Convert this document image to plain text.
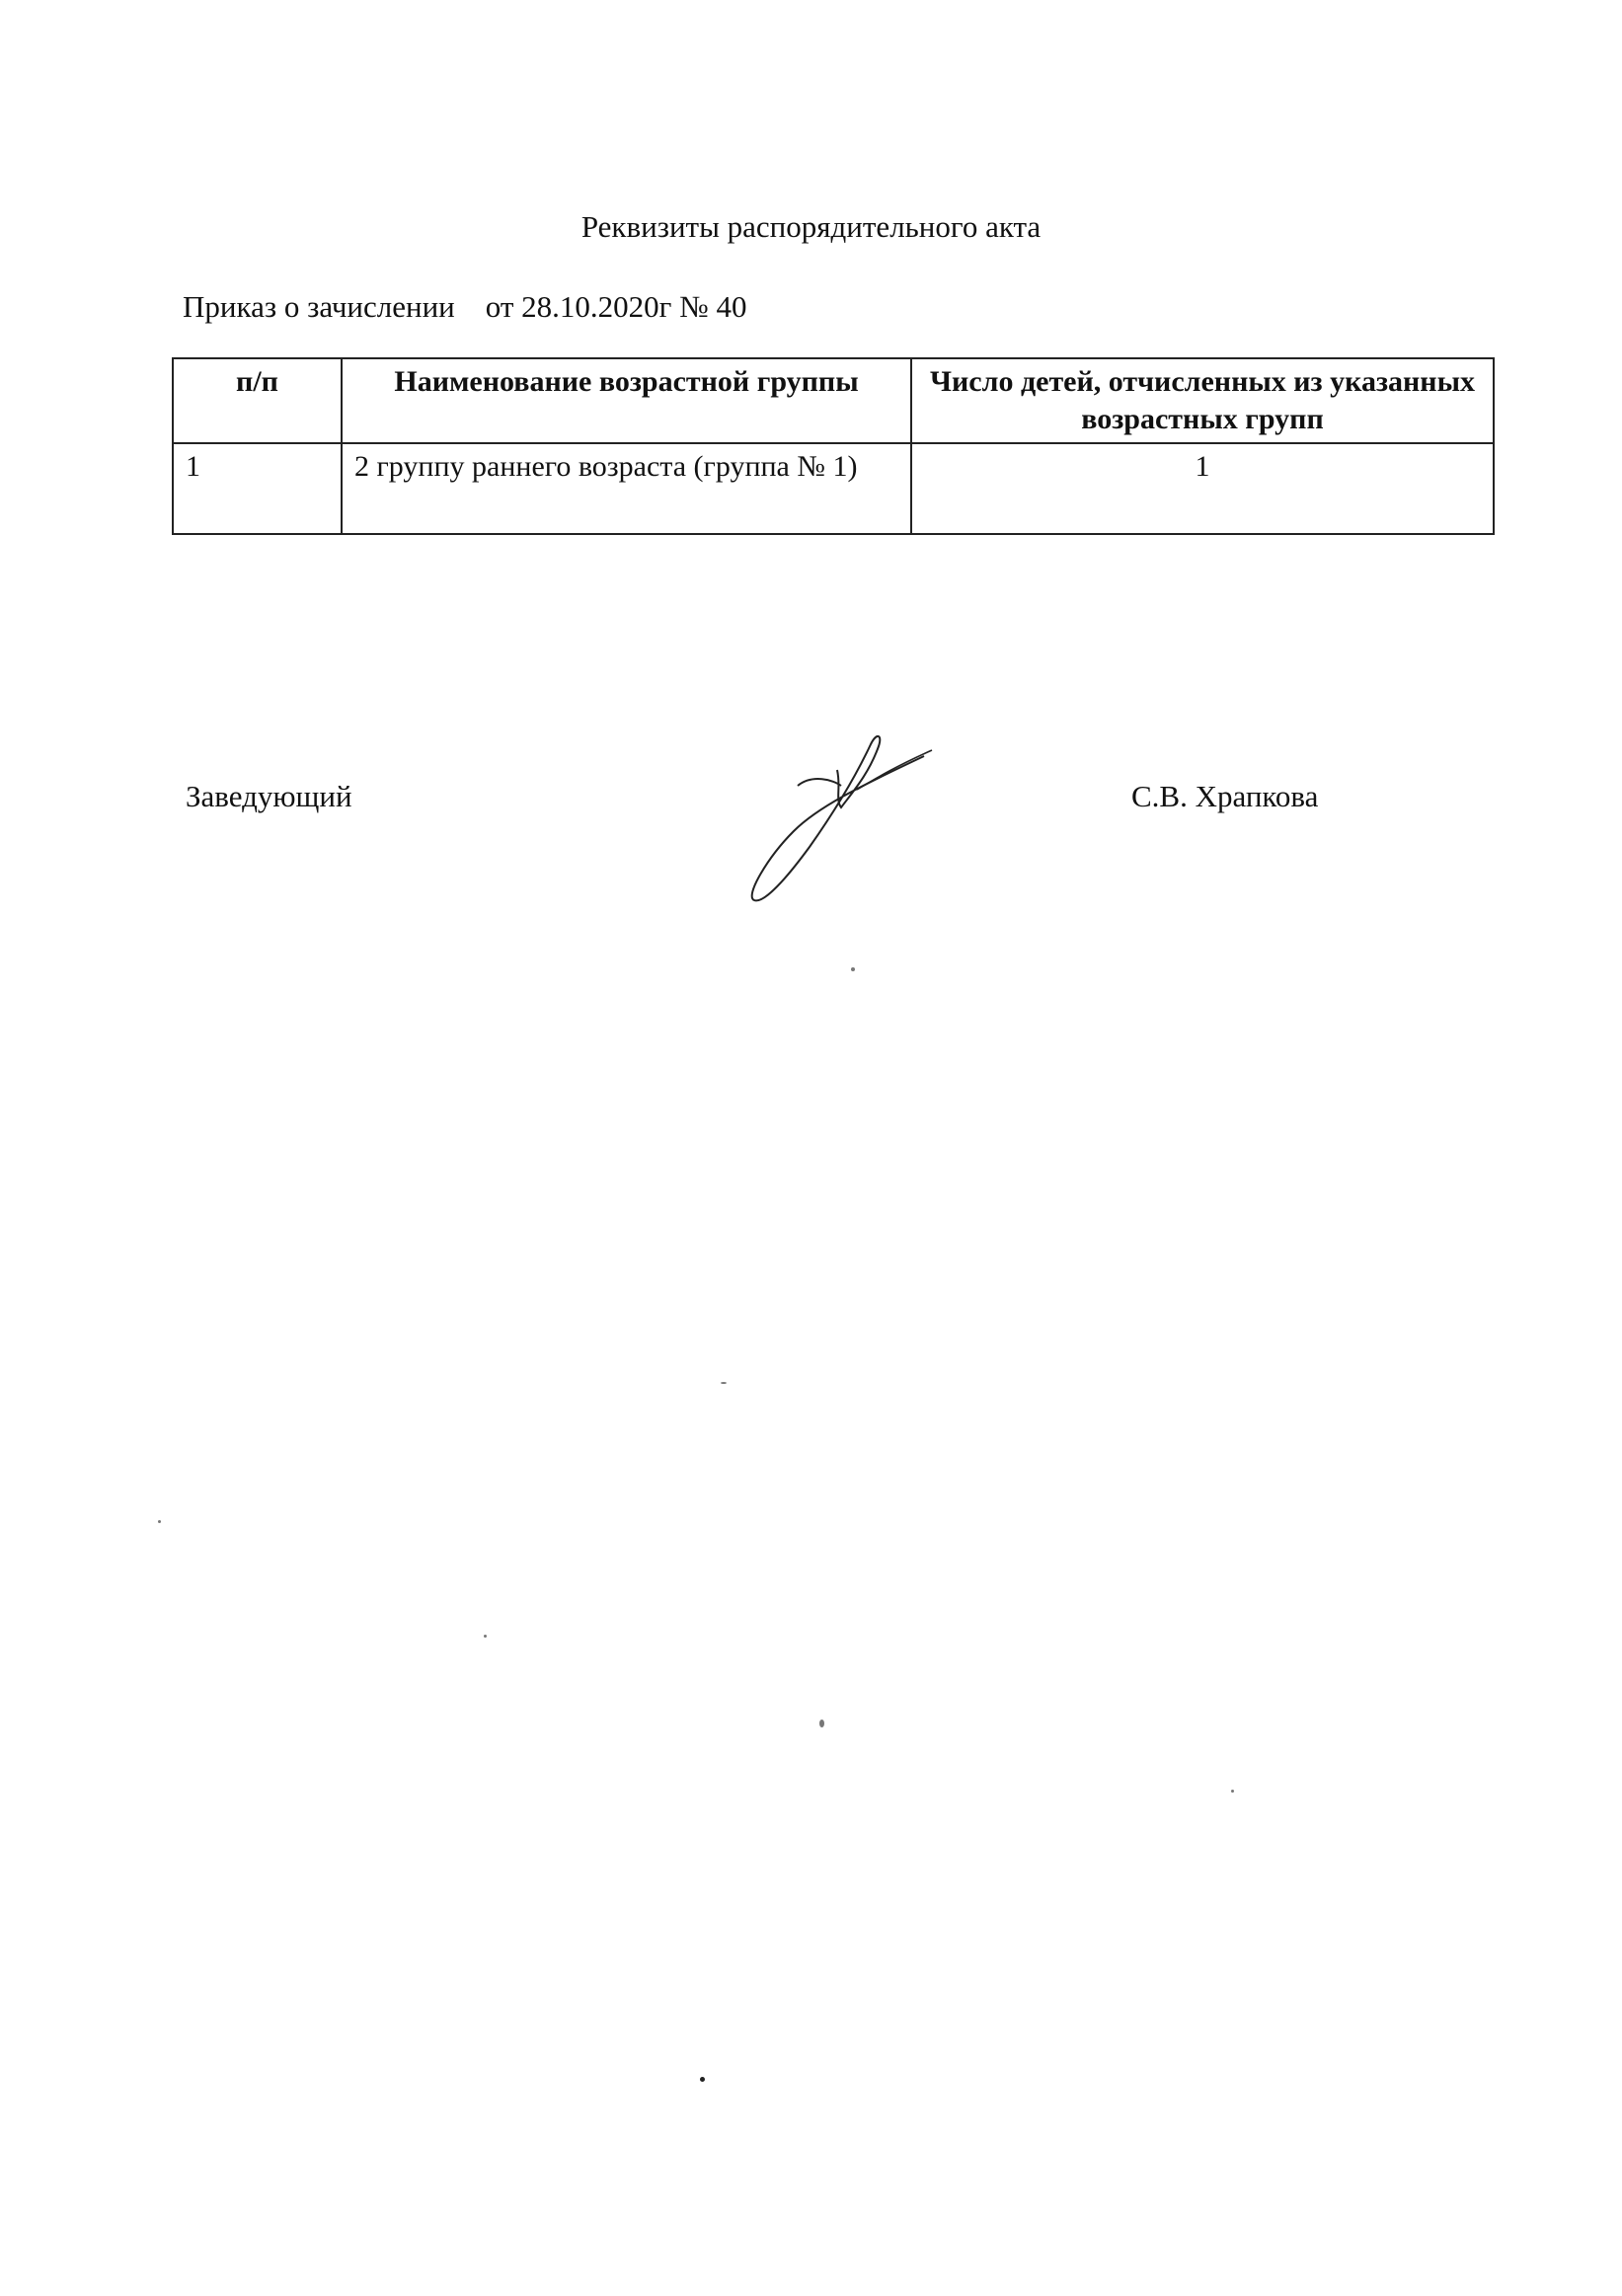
Реквизиты распорядительного акта
Приказ о зачислении от 28.10.2020г № 40
п/п	Наименование возрастной группы	Число детей, отчисленных из указанных возрастных групп
1	2 группу раннего возраста (группа № 1)	1
Заведующий	С.В. Храпкова
